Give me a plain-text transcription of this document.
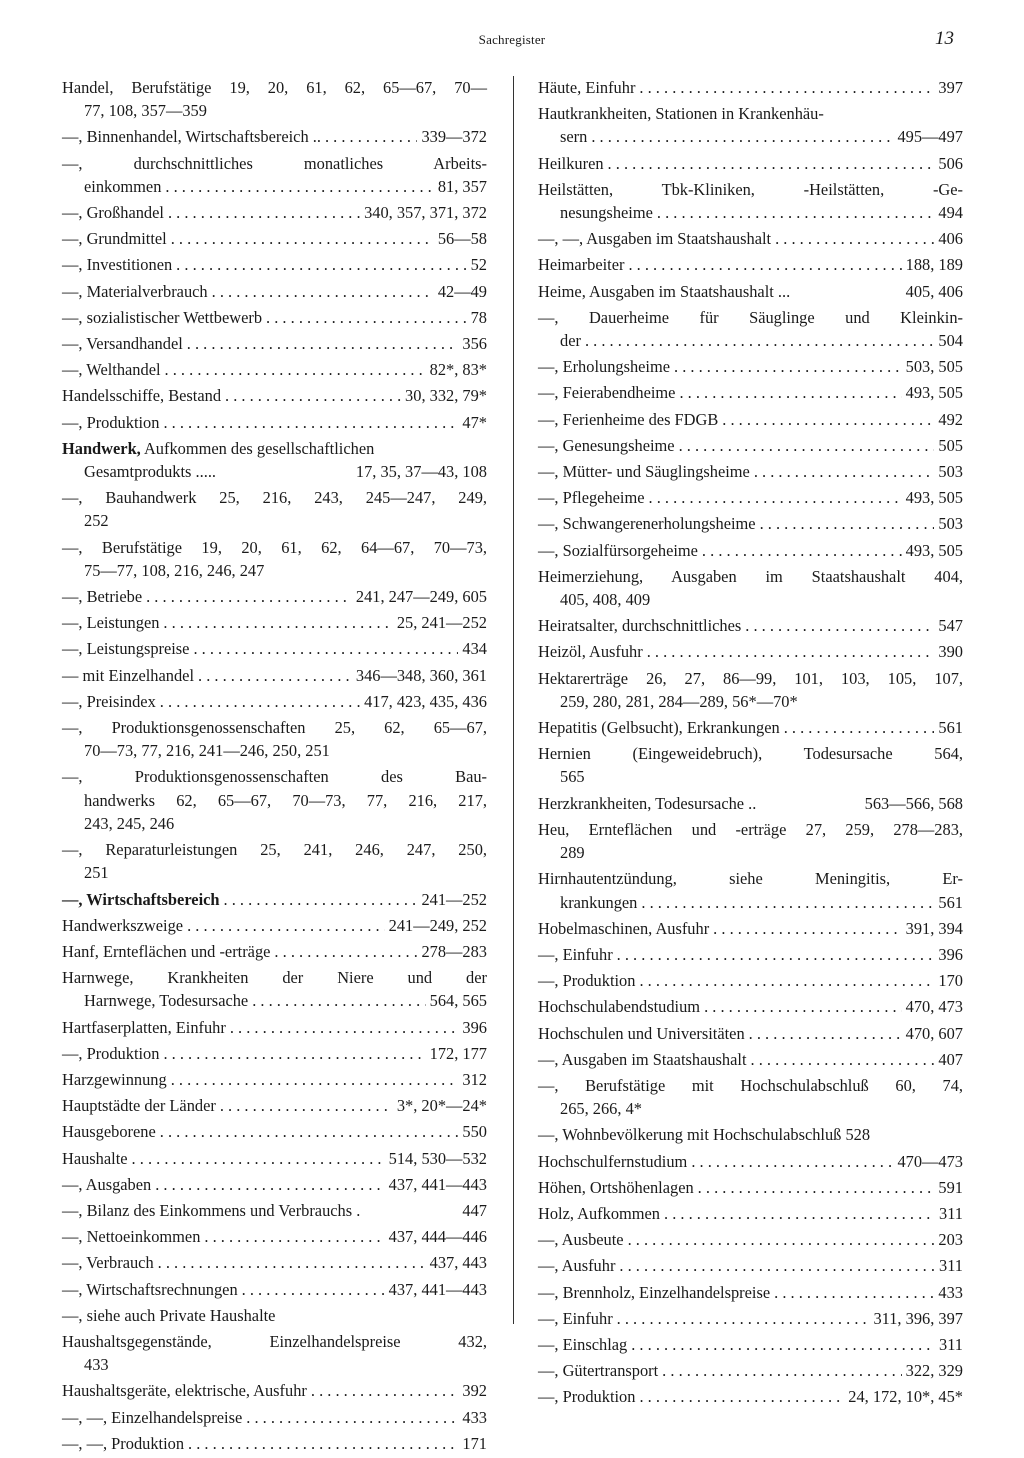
Sachregister	13
Handel, Berufstätige 19, 20, 61, 62, 65—67, 70—
77, 108, 357—359
—, Binnenhandel, Wirtschaftsbereich .. . . .	339—372
—, durchschnittliches monatliches Arbeits-
einkommen . . .	81, 357
—, Großhandel . . .	340, 357, 371, 372
—, Grundmittel . . .	56—58
—, Investitionen . . .	52
—, Materialverbrauch . . .	42—49
—, sozialistischer Wettbewerb . . .	78
—, Versandhandel . . .	356
—, Welthandel . . .	82*, 83*
Handelsschiffe, Bestand . . .	30, 332, 79*
—, Produktion . . .	47*
Handwerk, Aufkommen des gesellschaftlichen
Gesamtprodukts .....	17, 35, 37—43, 108
—, Bauhandwerk 25, 216, 243, 245—247, 249,
252
—, Berufstätige 19, 20, 61, 62, 64—67, 70—73,
75—77, 108, 216, 246, 247
—, Betriebe . . .	241, 247—249, 605
—, Leistungen . . .	25, 241—252
—, Leistungspreise . . .	434
— mit Einzelhandel . . .	346—348, 360, 361
—, Preisindex . . .	417, 423, 435, 436
—, Produktionsgenossenschaften 25, 62, 65—67,
70—73, 77, 216, 241—246, 250, 251
—, Produktionsgenossenschaften des Bau-
handwerks 62, 65—67, 70—73, 77, 216, 217,
243, 245, 246
—, Reparaturleistungen 25, 241, 246, 247, 250,
251
—, Wirtschaftsbereich . . .	241—252
Handwerkszweige . . .	241—249, 252
Hanf, Ernteflächen und -erträge . . .	278—283
Harnwege, Krankheiten der Niere und der
Harnwege, Todesursache . . .	564, 565
Hartfaserplatten, Einfuhr . . .	396
—, Produktion . . .	172, 177
Harzgewinnung . . .	312
Hauptstädte der Länder . . .	3*, 20*—24*
Hausgeborene . . .	550
Haushalte . . .	514, 530—532
—, Ausgaben . . .	437, 441—443
—, Bilanz des Einkommens und Verbrauchs .	447
—, Nettoeinkommen . . .	437, 444—446
—, Verbrauch . . .	437, 443
—, Wirtschaftsrechnungen . . .	437, 441—443
—, siehe auch Private Haushalte
Haushaltsgegenstände, Einzelhandelspreise 432,
433
Haushaltsgeräte, elektrische, Ausfuhr . . .	392
—, —, Einzelhandelspreise . . .	433
—, —, Produktion . . .	171
Häute, Einfuhr . . .	397
Hautkrankheiten, Stationen in Krankenhäu-
sern . . .	495—497
Heilkuren . . .	506
Heilstätten, Tbk-Kliniken, -Heilstätten, -Ge-
nesungsheime . . .	494
—, —, Ausgaben im Staatshaushalt . . .	406
Heimarbeiter . . .	188, 189
Heime, Ausgaben im Staatshaushalt ...	405, 406
—, Dauerheime für Säuglinge und Kleinkin-
der . . .	504
—, Erholungsheime . . .	503, 505
—, Feierabendheime . . .	493, 505
—, Ferienheime des FDGB . . .	492
—, Genesungsheime . . .	505
—, Mütter- und Säuglingsheime . . .	503
—, Pflegeheime . . .	493, 505
—, Schwangerenerholungsheime . . .	503
—, Sozialfürsorgeheime . . .	493, 505
Heimerziehung, Ausgaben im Staatshaushalt 404,
405, 408, 409
Heiratsalter, durchschnittliches . . .	547
Heizöl, Ausfuhr . . .	390
Hektarerträge 26, 27, 86—99, 101, 103, 105, 107,
259, 280, 281, 284—289, 56*—70*
Hepatitis (Gelbsucht), Erkrankungen . . .	561
Hernien (Eingeweidebruch), Todesursache 564,
565
Herzkrankheiten, Todesursache ..	563—566, 568
Heu, Ernteflächen und -erträge 27, 259, 278—283,
289
Hirnhautentzündung, siehe Meningitis, Er-
krankungen . . .	561
Hobelmaschinen, Ausfuhr . . .	391, 394
—, Einfuhr . . .	396
—, Produktion . . .	170
Hochschulabendstudium . . .	470, 473
Hochschulen und Universitäten . . .	470, 607
—, Ausgaben im Staatshaushalt . . .	407
—, Berufstätige mit Hochschulabschluß 60, 74,
265, 266, 4*
—, Wohnbevölkerung mit Hochschulabschluß 528
Hochschulfernstudium . . .	470—473
Höhen, Ortshöhenlagen . . .	591
Holz, Aufkommen . . .	311
—, Ausbeute . . .	203
—, Ausfuhr . . .	311
—, Brennholz, Einzelhandelspreise . . .	433
—, Einfuhr . . .	311, 396, 397
—, Einschlag . . .	311
—, Gütertransport . . .	322, 329
—, Produktion . . .	24, 172, 10*, 45*
